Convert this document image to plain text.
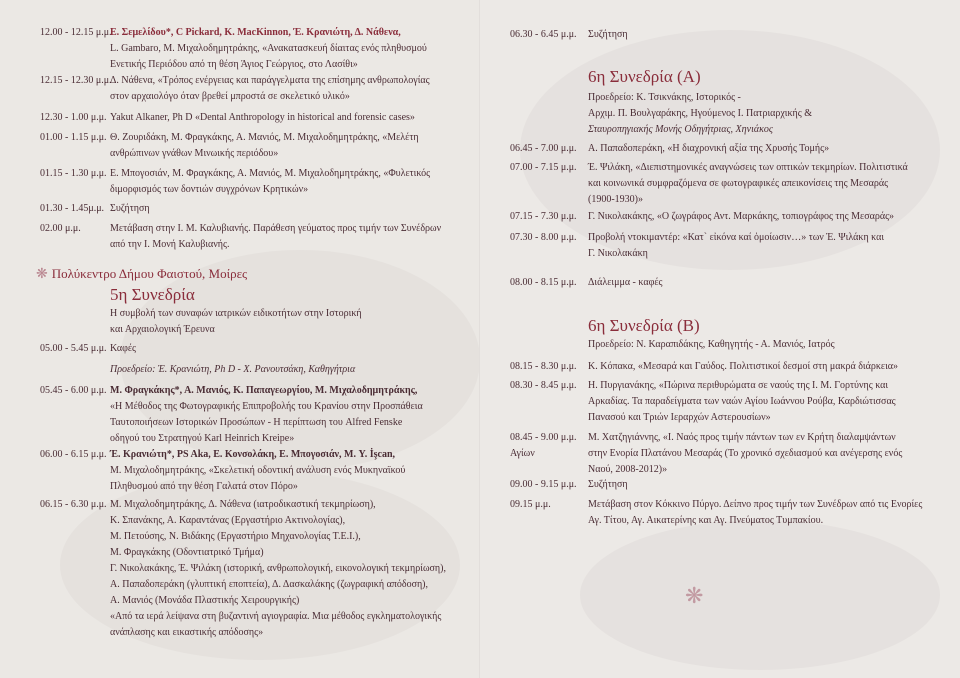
12.00 - 12.15 μ.μ.
Ε. Σεμελίδου*, C Pickard, K. MacKinnon, Έ. Κρανιώτη, Δ. Νάθενα,
L. Gambaro, Μ. Μιχαλοδημητράκης, «Ανακατασκευή δίαιτας ενός πληθυσμού
Ενετικής Περιόδου από τη θέση Άγιος Γεώργιος, στο Λασίθι»
12.15 - 12.30 μ.μ.
Δ. Νάθενα, «Τρόπος ενέργειας και παράγγελματα της επίσημης ανθρωπολογίας
στον αρχαιολόγο όταν βρεθεί μπροστά σε σκελετικό υλικό»
12.30 - 1.00 μ.μ. Yakut Alkaner, Ph D «Dental Anthropology in historical and forensic cases»
01.00 - 1.15 μ.μ. Θ. Ζουριδάκη, Μ. Φραγκάκης, Α. Μανιός, Μ. Μιχαλοδημητράκης, «Μελέτη
ανθρώπινων γνάθων Μινωικής περιόδου»
01.15 - 1.30 μ.μ. Ε. Μπογοσιάν, Μ. Φραγκάκης, Α. Μανιός, Μ. Μιχαλοδημητράκης, «Φυλετικός
διμορφισμός των δοντιών συγχρόνων Κρητικών»
01.30 - 1.45μ.μ. Συζήτηση
02.00 μ.μ.	Μετάβαση στην Ι. Μ. Καλυβιανής. Παράθεση γεύματος προς τιμήν των Συνέδρων
από την Ι. Μονή Καλυβιανής.
❋ Πολύκεντρο Δήμου Φαιστού, Μοίρες
5η Συνεδρία
Η συμβολή των συναφών ιατρικών ειδικοτήτων στην Ιστορική
και Αρχαιολογική Έρευνα
05.00 - 5.45 μ.μ. Καφές
Προεδρείο: Έ. Κρανιώτη, Ph D - Χ. Ρανουτσάκη, Καθηγήτρια
05.45 - 6.00 μ.μ. Μ. Φραγκάκης*, Α. Μανιός, Κ. Παπαγεωργίου, Μ. Μιχαλοδημητράκης,
«Η Μέθοδος της Φωτογραφικής Επιπροβολής του Κρανίου στην Προσπάθεια
Ταυτοποιήσεων Ιστορικών Προσώπων - Η περίπτωση του Alfred Fenske
οδηγού του Στρατηγού Karl Heinrich Kreipe»
06.00 - 6.15 μ.μ. Έ. Κρανιώτη*, PS Aka, Ε. Κονσολάκη, Ε. Μπογοσιάν, Μ. Y. İşcan,
Μ. Μιχαλοδημητράκης, «Σκελετική οδοντική ανάλυση ενός Μυκηναϊκού
Πληθυσμού από την θέση Γαλατά στον Πόρο»
06.15 - 6.30 μ.μ. Μ. Μιχαλοδημητράκης, Δ. Νάθενα (ιατροδικαστική τεκμηρίωση),
Κ. Σπανάκης, Α. Καραντάνας (Εργαστήριο Ακτινολογίας),
Μ. Πετούσης, Ν. Βιδάκης (Εργαστήριο Μηχανολογίας Τ.Ε.Ι.),
Μ. Φραγκάκης (Οδοντιατρικό Τμήμα)
Γ. Νικολακάκης, Έ. Ψιλάκη (ιστορική, ανθρωπολογική, εικονολογική τεκμηρίωση),
Α. Παπαδοπεράκη (γλυπτική εποπτεία), Δ. Δασκαλάκης (ζωγραφική απόδοση),
Α. Μανιός (Μονάδα Πλαστικής Χειρουργικής)
«Από τα ιερά λείψανα στη βυζαντινή αγιογραφία. Μια μέθοδος εγκληματολογικής
ανάπλασης και εικαστικής απόδοσης»
06.30 - 6.45 μ.μ. Συζήτηση
6η Συνεδρία (Α)
Προεδρείο: Κ. Τσικνάκης, Ιστορικός -
Αρχιμ. Π. Βουλγαράκης, Ηγούμενος Ι. Πατριαρχικής &
Σταυροπηγιακής Μονής Οδηγήτριας, Χηνιάκος
06.45 - 7.00 μ.μ. Α. Παπαδοπεράκη, «Η διαχρονική αξία της Χρυσής Τομής»
07.00 - 7.15 μ.μ. Έ. Ψιλάκη, «Διεπιστημονικές αναγνώσεις των οπτικών τεκμηρίων. Πολιτιστικά
και κοινωνικά συμφραζόμενα σε φωτογραφικές απεικονίσεις της Μεσαράς
(1900-1930)»
07.15 - 7.30 μ.μ. Γ. Νικολακάκης, «Ο ζωγράφος Αντ. Μαρκάκης, τοπιογράφος της Μεσαράς»
07.30 - 8.00 μ.μ. Προβολή ντοκιμαντέρ: «Κατ` εἰκόνα καί ὁμοίωσιν…» των Έ. Ψιλάκη και
Γ. Νικολακάκη
08.00 - 8.15 μ.μ. Διάλειμμα - καφές
6η Συνεδρία (Β)
Προεδρείο: Ν. Καραπιδάκης, Καθηγητής - Α. Μανιός, Ιατρός
08.15 - 8.30 μ.μ. Κ. Κόπακα, «Μεσαρά και Γαύδος. Πολιτιστικοί δεσμοί στη μακρά διάρκεια»
08.30 - 8.45 μ.μ. Η. Πυργιανάκης, «Πώρινα περιθυρώματα σε ναούς της Ι. Μ. Γορτύνης και
Αρκαδίας. Τα παραδείγματα των ναών Αγίου Ιωάννου Ρούβα, Καρδιώτισσας
Πανασού και Τριών Ιεραρχών Αστερουσίων»
08.45 - 9.00 μ.μ.
Αγίων
Μ. Χατζηγιάννης, «Ι. Ναός προς τιμήν πάντων των εν Κρήτη διαλαμψάντων
στην Ενορία Πλατάνου Μεσαράς (Το χρονικό σχεδιασμού και ανέγερσης ενός
Ναού, 2008-2012)»
09.00 - 9.15 μ.μ. Συζήτηση
09.15 μ.μ.	Μετάβαση στον Κόκκινο Πύργο. Δείπνο προς τιμήν των Συνέδρων από τις Ενορίες
Αγ. Τίτου, Αγ. Αικατερίνης και Αγ. Πνεύματος Τυμπακίου.
❋
